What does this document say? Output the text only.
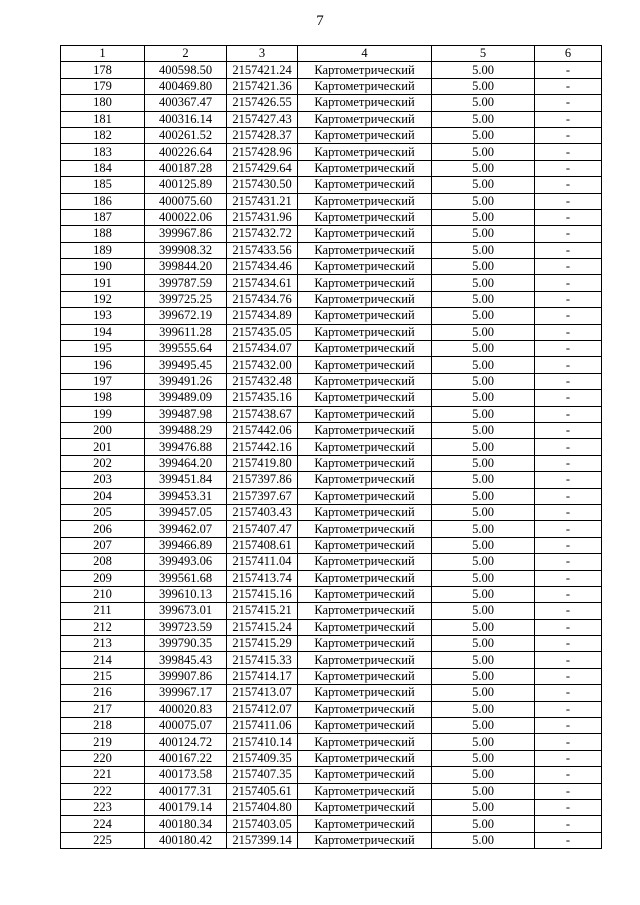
7
1	2	3	4	5	6
178	400598.50	2157421.24	Картометрический	5.00	-
179	400469.80	2157421.36	Картометрический	5.00	-
180	400367.47	2157426.55	Картометрический	5.00	-
181	400316.14	2157427.43	Картометрический	5.00	-
182	400261.52	2157428.37	Картометрический	5.00	-
183	400226.64	2157428.96	Картометрический	5.00	-
184	400187.28	2157429.64	Картометрический	5.00	-
185	400125.89	2157430.50	Картометрический	5.00	-
186	400075.60	2157431.21	Картометрический	5.00	-
187	400022.06	2157431.96	Картометрический	5.00	-
188	399967.86	2157432.72	Картометрический	5.00	-
189	399908.32	2157433.56	Картометрический	5.00	-
190	399844.20	2157434.46	Картометрический	5.00	-
191	399787.59	2157434.61	Картометрический	5.00	-
192	399725.25	2157434.76	Картометрический	5.00	-
193	399672.19	2157434.89	Картометрический	5.00	-
194	399611.28	2157435.05	Картометрический	5.00	-
195	399555.64	2157434.07	Картометрический	5.00	-
196	399495.45	2157432.00	Картометрический	5.00	-
197	399491.26	2157432.48	Картометрический	5.00	-
198	399489.09	2157435.16	Картометрический	5.00	-
199	399487.98	2157438.67	Картометрический	5.00	-
200	399488.29	2157442.06	Картометрический	5.00	-
201	399476.88	2157442.16	Картометрический	5.00	-
202	399464.20	2157419.80	Картометрический	5.00	-
203	399451.84	2157397.86	Картометрический	5.00	-
204	399453.31	2157397.67	Картометрический	5.00	-
205	399457.05	2157403.43	Картометрический	5.00	-
206	399462.07	2157407.47	Картометрический	5.00	-
207	399466.89	2157408.61	Картометрический	5.00	-
208	399493.06	2157411.04	Картометрический	5.00	-
209	399561.68	2157413.74	Картометрический	5.00	-
210	399610.13	2157415.16	Картометрический	5.00	-
211	399673.01	2157415.21	Картометрический	5.00	-
212	399723.59	2157415.24	Картометрический	5.00	-
213	399790.35	2157415.29	Картометрический	5.00	-
214	399845.43	2157415.33	Картометрический	5.00	-
215	399907.86	2157414.17	Картометрический	5.00	-
216	399967.17	2157413.07	Картометрический	5.00	-
217	400020.83	2157412.07	Картометрический	5.00	-
218	400075.07	2157411.06	Картометрический	5.00	-
219	400124.72	2157410.14	Картометрический	5.00	-
220	400167.22	2157409.35	Картометрический	5.00	-
221	400173.58	2157407.35	Картометрический	5.00	-
222	400177.31	2157405.61	Картометрический	5.00	-
223	400179.14	2157404.80	Картометрический	5.00	-
224	400180.34	2157403.05	Картометрический	5.00	-
225	400180.42	2157399.14	Картометрический	5.00	-
